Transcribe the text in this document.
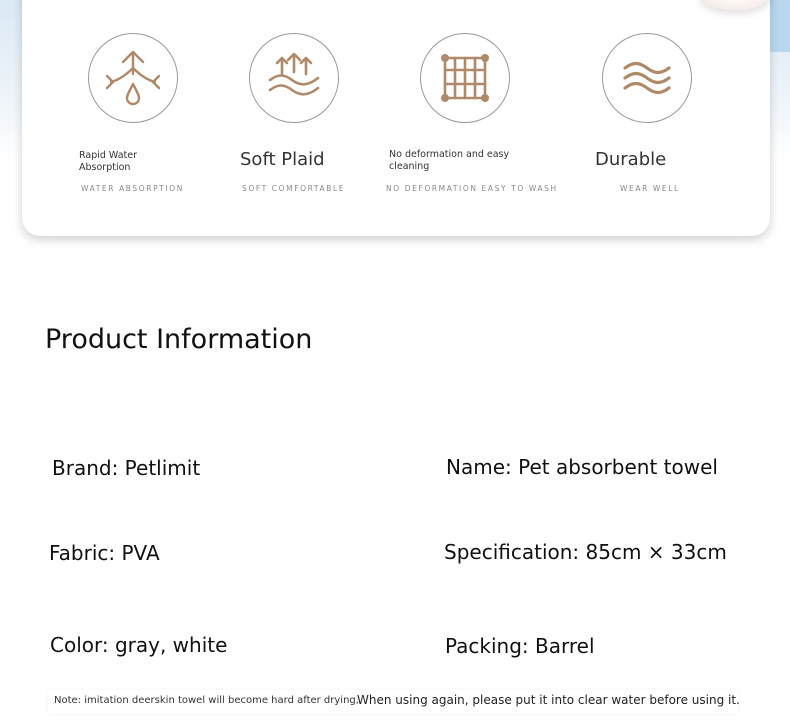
Rapid Water
Absorption
WATER ABSORPTION
Soft Plaid
SOFT COMFORTABLE
No deformation and easy
cleaning
NO DEFORMATION EASY TO WASH
Durable
WEAR WELL
Product Information
Brand: Petlimit	Name: Pet absorbent towel
Fabric: PVA	Specification: 85cm × 33cm
Color: gray, white	Packing: Barrel
Note: imitation deerskin towel will become hard after drying,
When using again, please put it into clear water before using it.
